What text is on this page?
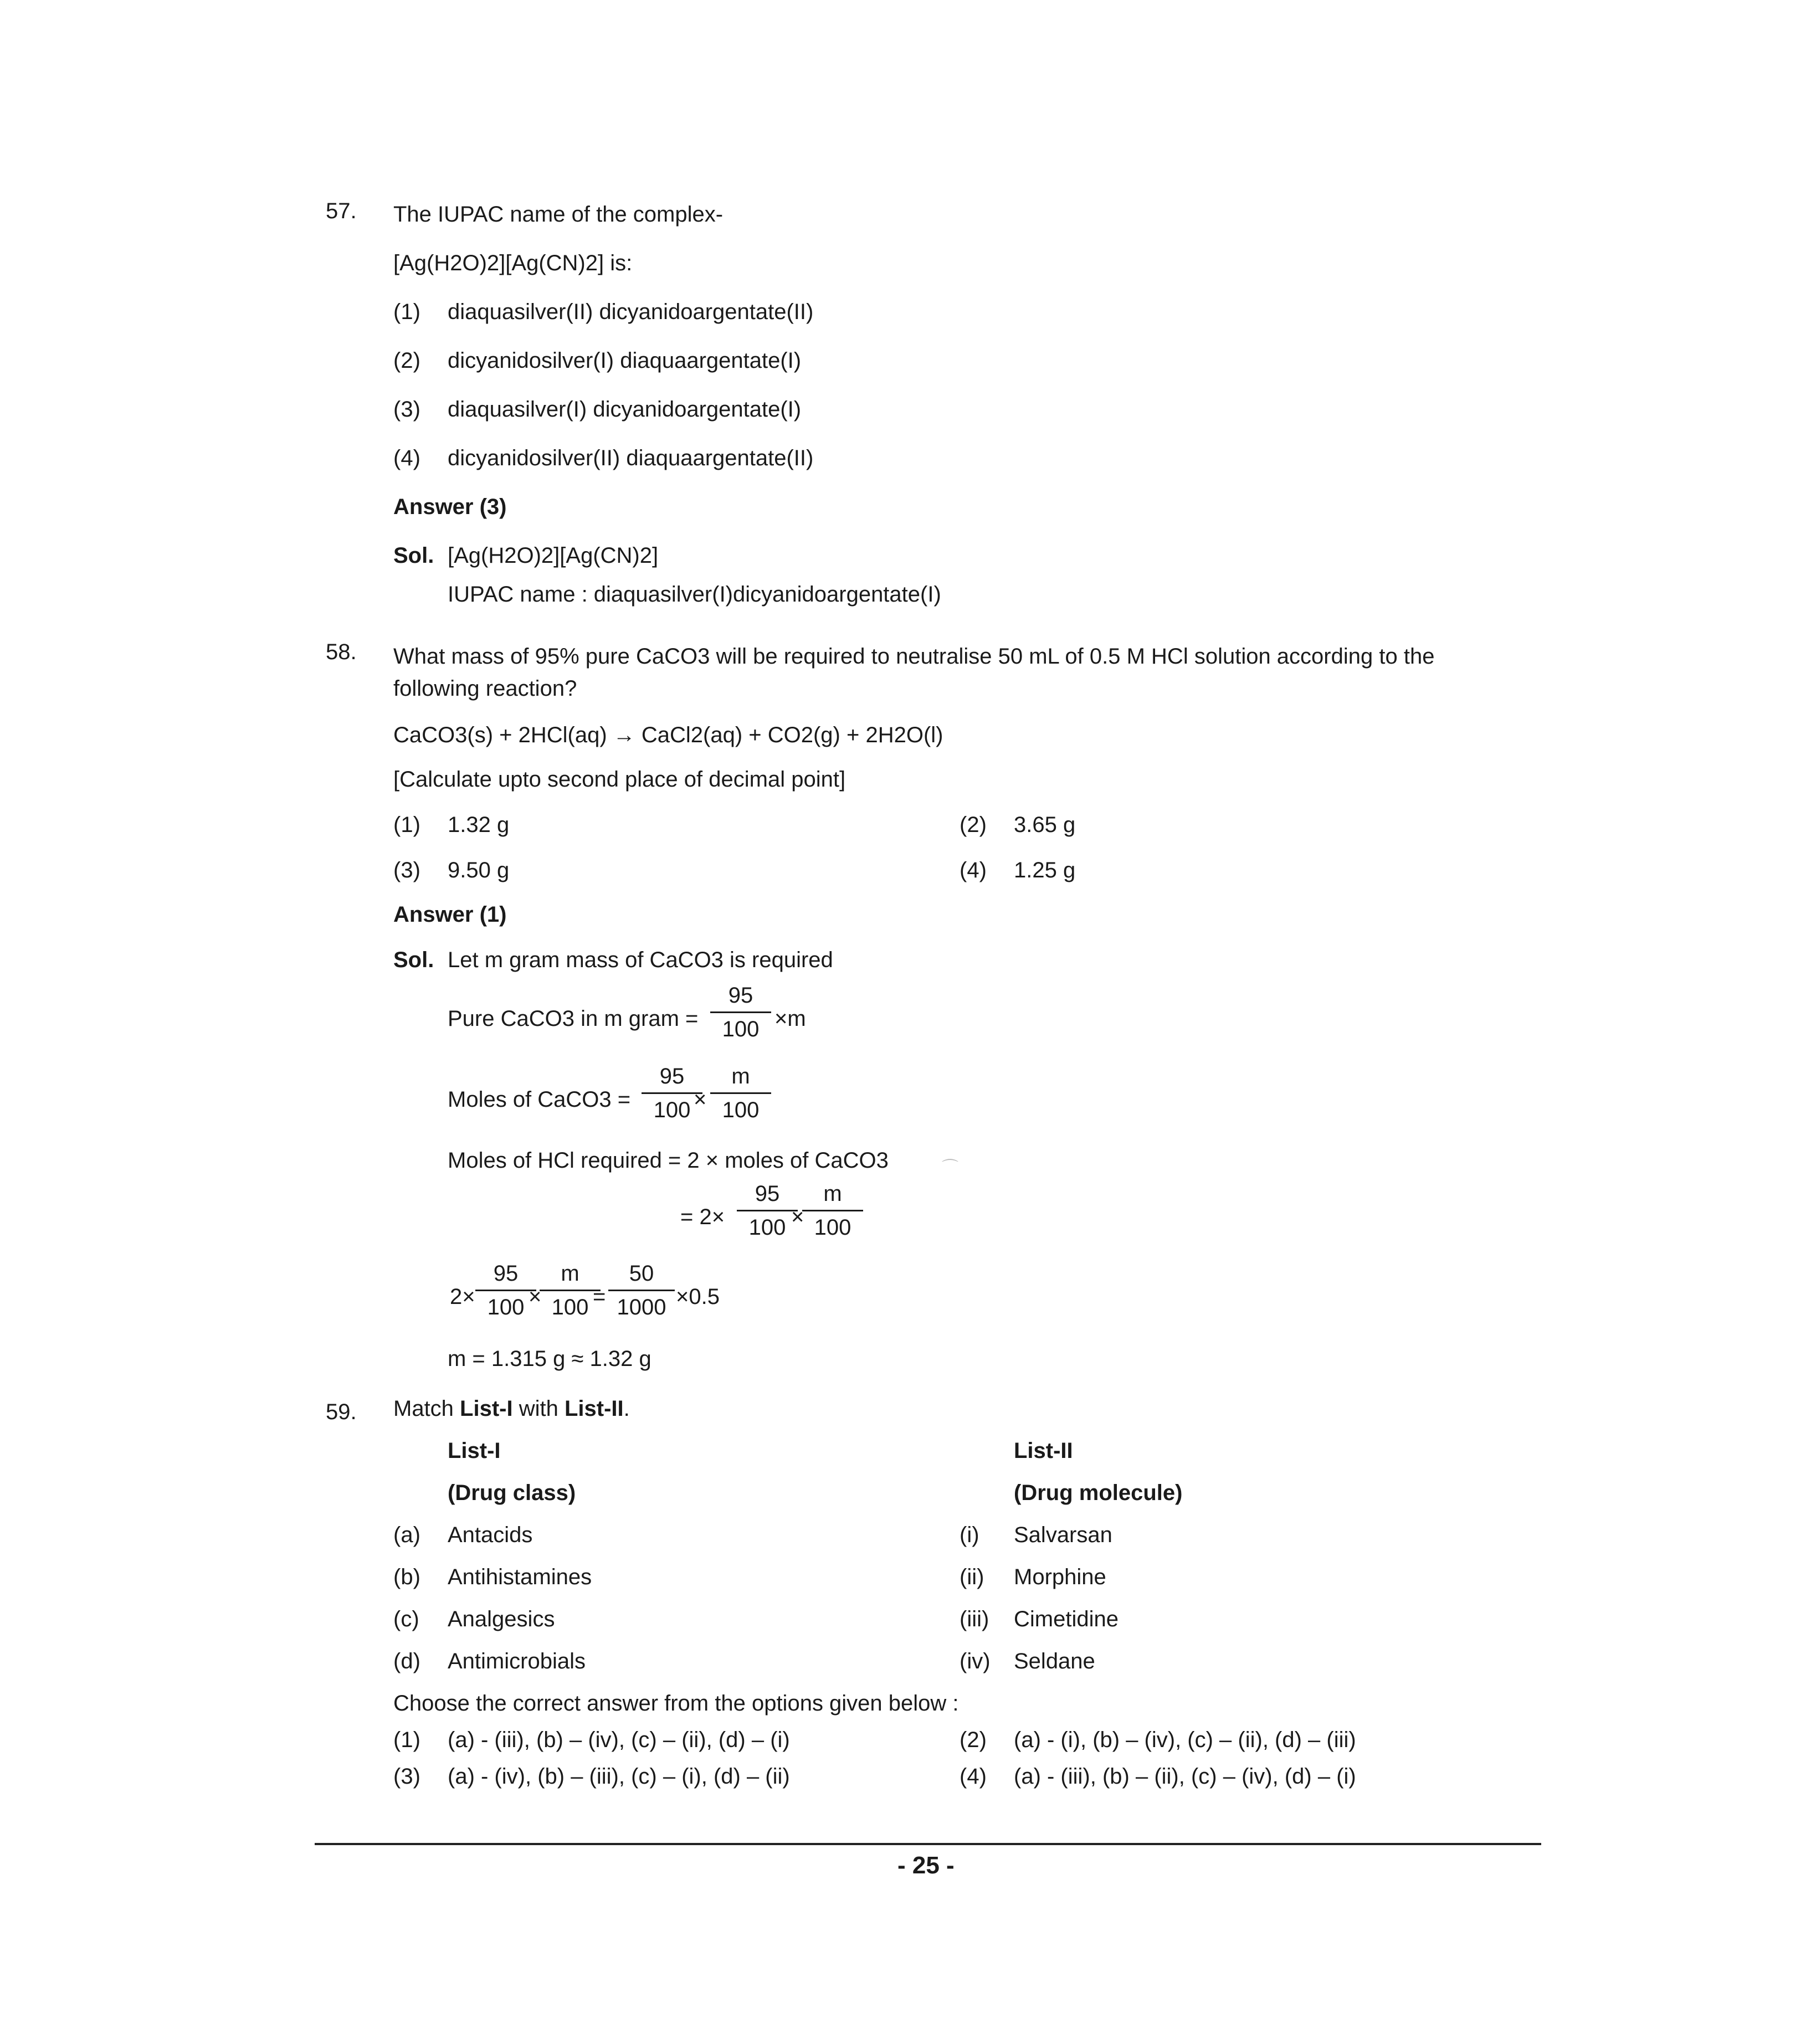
57. The IUPAC name of the complex-
[Ag(H2O)2][Ag(CN)2] is:
(1) diaquasilver(II) dicyanidoargentate(II)
(2) dicyanidosilver(I) diaquaargentate(I)
(3) diaquasilver(I) dicyanidoargentate(I)
(4) dicyanidosilver(II) diaquaargentate(II)
Answer (3)
Sol. [Ag(H2O)2][Ag(CN)2]
IUPAC name : diaquasilver(I)dicyanidoargentate(I)
58. What mass of 95% pure CaCO3 will be required to neutralise 50 mL of 0.5 M HCl solution according to the
following reaction?
CaCO3(s) + 2HCl(aq) → CaCl2(aq) + CO2(g) + 2H2O(l)
[Calculate upto second place of decimal point]
(1) 1.32 g	(2) 3.65 g
(3) 9.50 g	(4) 1.25 g
Answer (1)
Sol. Let m gram mass of CaCO3 is required
Pure CaCO3 in m gram =
95
100 ×m
Moles of CaCO3 =
95
100 ×
m
100
Moles of HCl required = 2 × moles of CaCO3	⌒
= 2×
95
100 ×
m
100
2×
95
100 ×
m
100 =
50
1000 ×0.5
m = 1.315 g ≈ 1.32 g
59. Match List-I with List-II.
List-I	List-II
(Drug class)	(Drug molecule)
(a) Antacids	(i) Salvarsan
(b) Antihistamines	(ii) Morphine
(c) Analgesics	(iii) Cimetidine
(d) Antimicrobials	(iv) Seldane
Choose the correct answer from the options given below :
(1) (a) - (iii), (b) – (iv), (c) – (ii), (d) – (i)	(2) (a) - (i), (b) – (iv), (c) – (ii), (d) – (iii)
(3) (a) - (iv), (b) – (iii), (c) – (i), (d) – (ii)	(4) (a) - (iii), (b) – (ii), (c) – (iv), (d) – (i)
- 25 -
